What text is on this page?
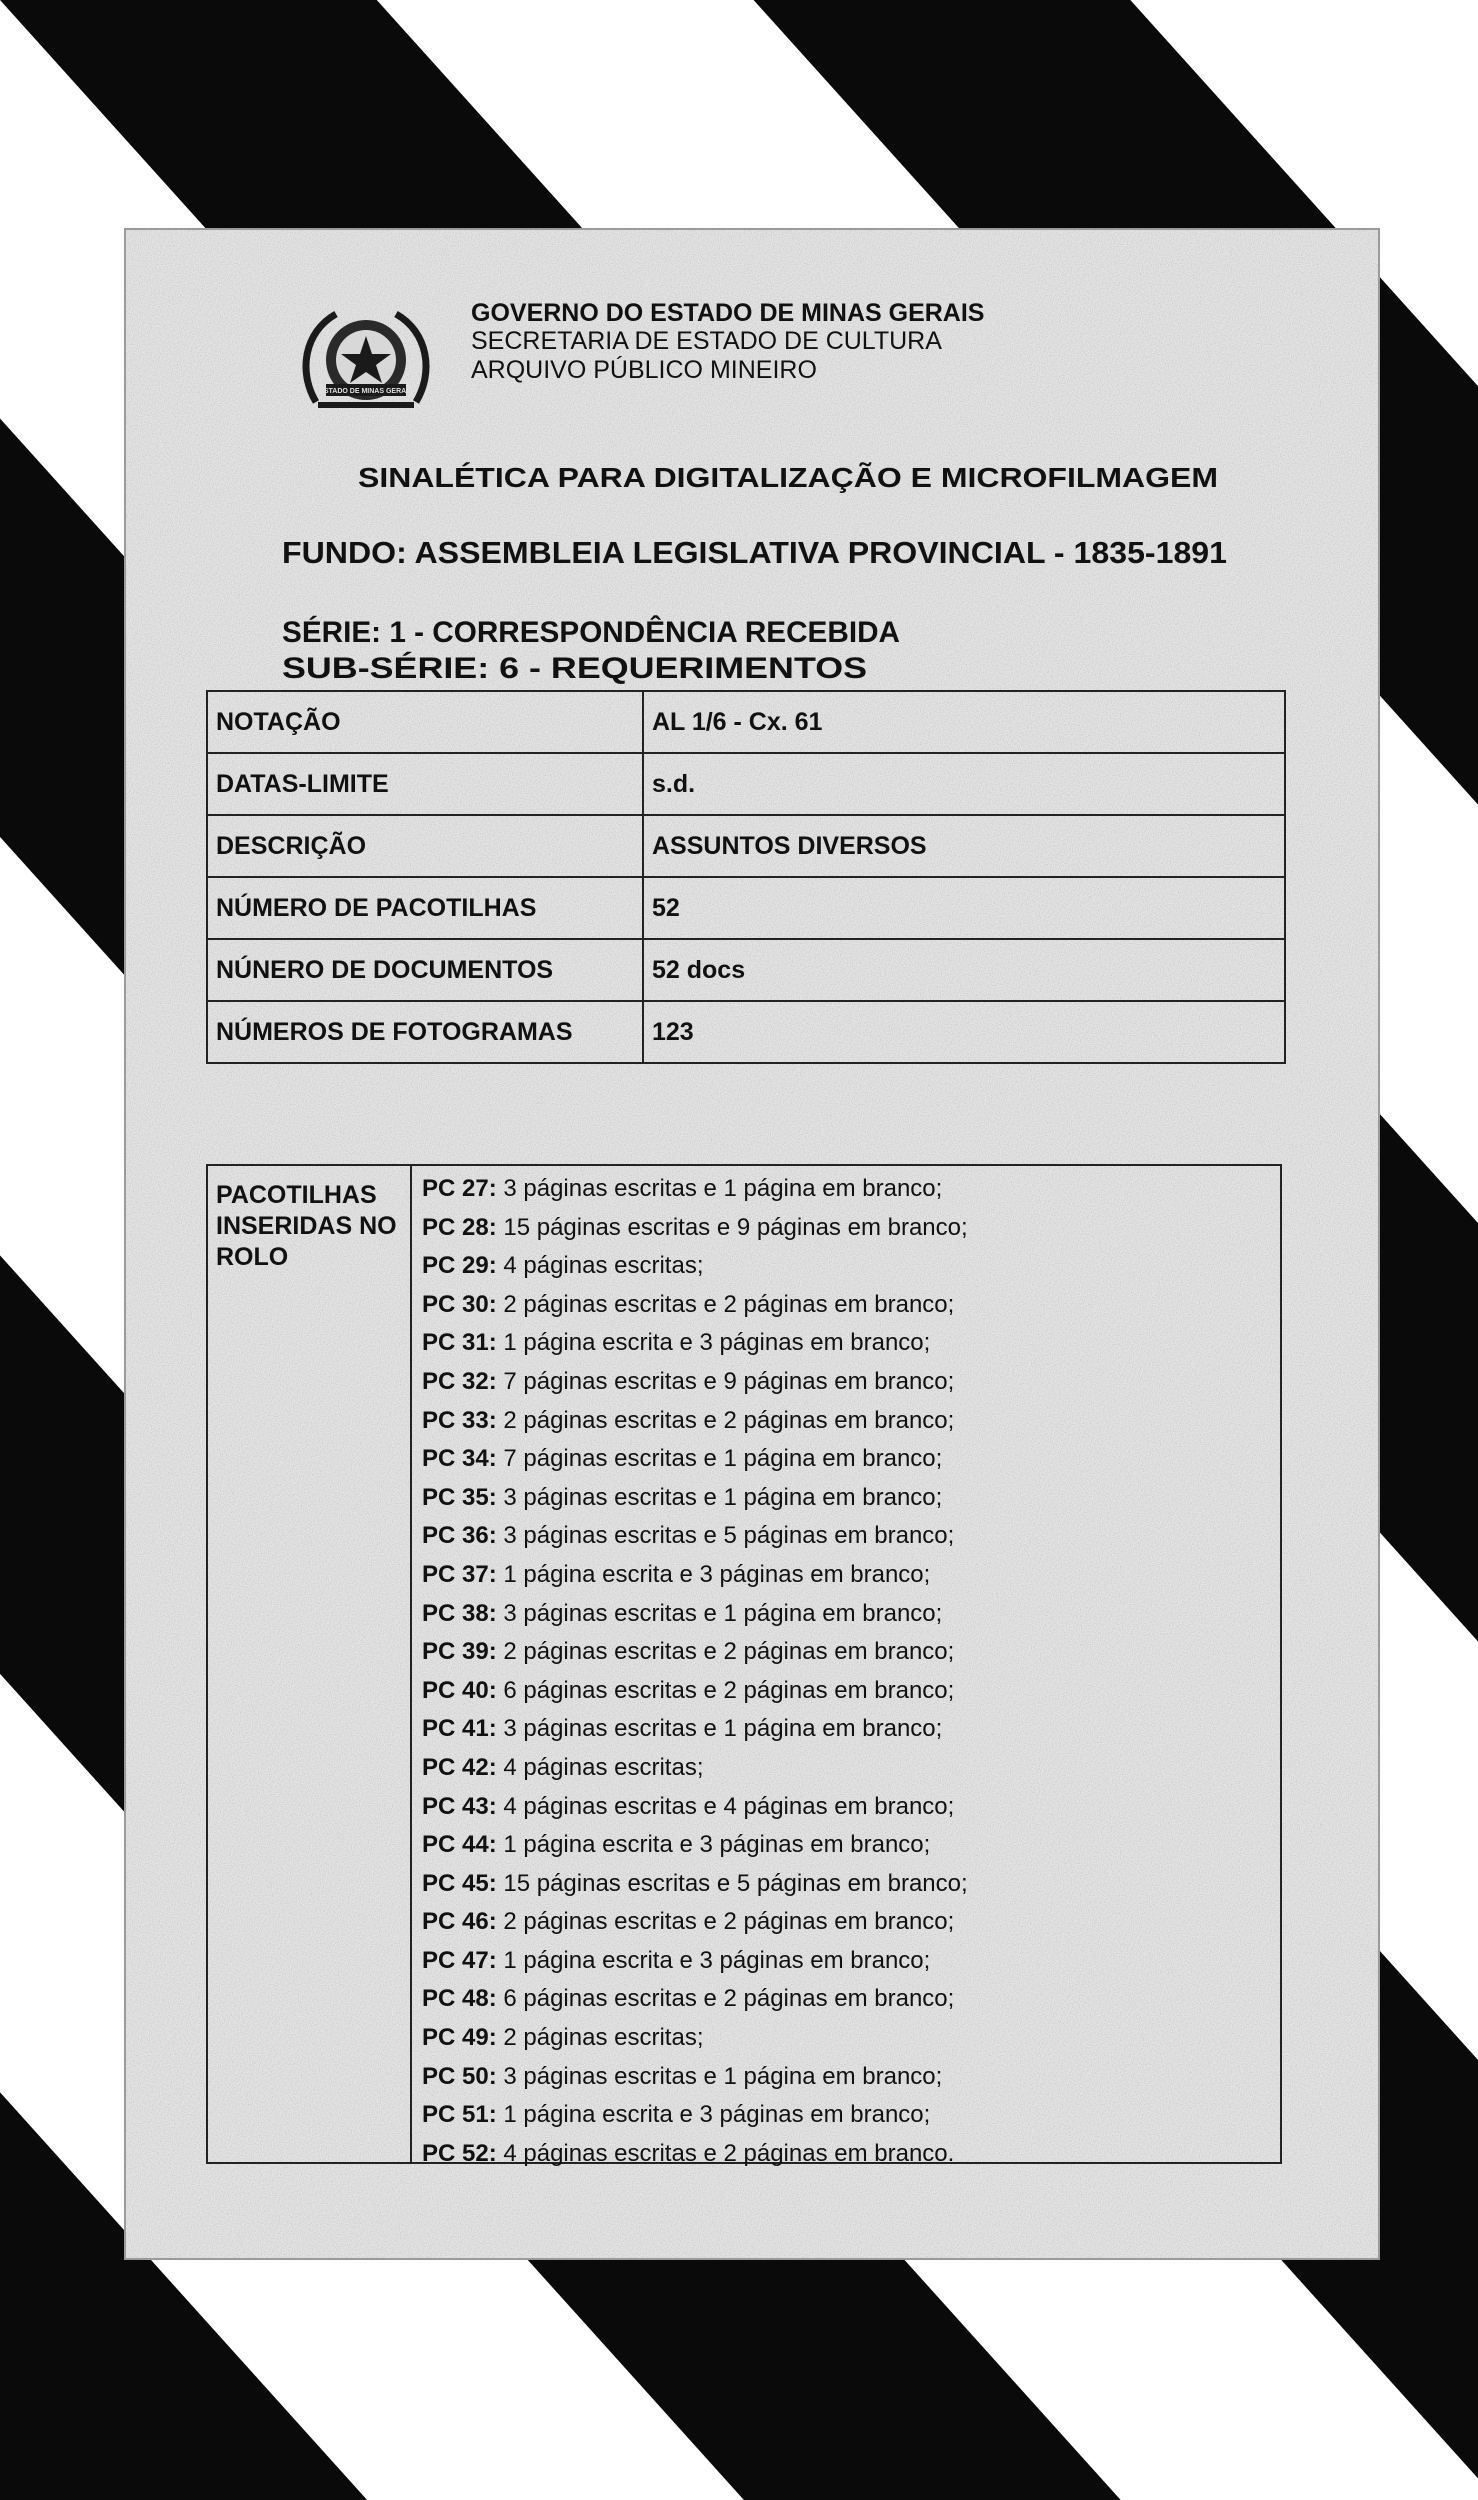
ESTADO DE MINAS GERAIS
GOVERNO DO ESTADO DE MINAS GERAIS
SECRETARIA DE ESTADO DE CULTURA
ARQUIVO PÚBLICO MINEIRO
SINALÉTICA PARA DIGITALIZAÇÃO E MICROFILMAGEM
FUNDO: ASSEMBLEIA LEGISLATIVA PROVINCIAL - 1835-1891
SÉRIE: 1 - CORRESPONDÊNCIA RECEBIDA
SUB-SÉRIE: 6 - REQUERIMENTOS
NOTAÇÃO	AL 1/6 - Cx. 61
DATAS-LIMITE	s.d.
DESCRIÇÃO	ASSUNTOS DIVERSOS
NÚMERO DE PACOTILHAS	52
NÚNERO DE DOCUMENTOS	52 docs
NÚMEROS DE FOTOGRAMAS	123
PACOTILHAS
INSERIDAS NO
ROLO
PC 27: 3 páginas escritas e 1 página em branco;
PC 28: 15 páginas escritas e 9 páginas em branco;
PC 29: 4 páginas escritas;
PC 30: 2 páginas escritas e 2 páginas em branco;
PC 31: 1 página escrita e 3 páginas em branco;
PC 32: 7 páginas escritas e 9 páginas em branco;
PC 33: 2 páginas escritas e 2 páginas em branco;
PC 34: 7 páginas escritas e 1 página em branco;
PC 35: 3 páginas escritas e 1 página em branco;
PC 36: 3 páginas escritas e 5 páginas em branco;
PC 37: 1 página escrita e 3 páginas em branco;
PC 38: 3 páginas escritas e 1 página em branco;
PC 39: 2 páginas escritas e 2 páginas em branco;
PC 40: 6 páginas escritas e 2 páginas em branco;
PC 41: 3 páginas escritas e 1 página em branco;
PC 42: 4 páginas escritas;
PC 43: 4 páginas escritas e 4 páginas em branco;
PC 44: 1 página escrita e 3 páginas em branco;
PC 45: 15 páginas escritas e 5 páginas em branco;
PC 46: 2 páginas escritas e 2 páginas em branco;
PC 47: 1 página escrita e 3 páginas em branco;
PC 48: 6 páginas escritas e 2 páginas em branco;
PC 49: 2 páginas escritas;
PC 50: 3 páginas escritas e 1 página em branco;
PC 51: 1 página escrita e 3 páginas em branco;
PC 52: 4 páginas escritas e 2 páginas em branco.
